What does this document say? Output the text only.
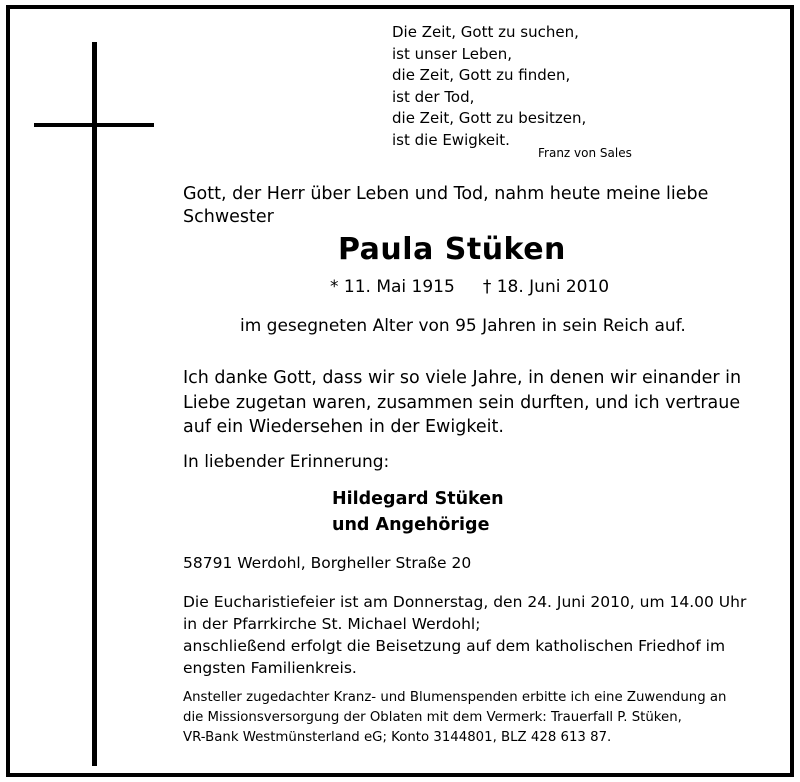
Die Zeit, Gott zu suchen,
ist unser Leben,
die Zeit, Gott zu finden,
ist der Tod,
die Zeit, Gott zu besitzen,
ist die Ewigkeit.
Franz von Sales
Gott, der Herr über Leben und Tod, nahm heute meine liebe
Schwester
Paula Stüken
* 11. Mai 1915 † 18. Juni 2010
im gesegneten Alter von 95 Jahren in sein Reich auf.
Ich danke Gott, dass wir so viele Jahre, in denen wir einander in
Liebe zugetan waren, zusammen sein durften, und ich vertraue
auf ein Wiedersehen in der Ewigkeit.
In liebender Erinnerung:
Hildegard Stüken
und Angehörige
58791 Werdohl, Borgheller Straße 20
Die Eucharistiefeier ist am Donnerstag, den 24. Juni 2010, um 14.00 Uhr
in der Pfarrkirche St. Michael Werdohl;
anschließend erfolgt die Beisetzung auf dem katholischen Friedhof im
engsten Familienkreis.
Ansteller zugedachter Kranz- und Blumenspenden erbitte ich eine Zuwendung an
die Missionsversorgung der Oblaten mit dem Vermerk: Trauerfall P. Stüken,
VR-Bank Westmünsterland eG; Konto 3144801, BLZ 428 613 87.
